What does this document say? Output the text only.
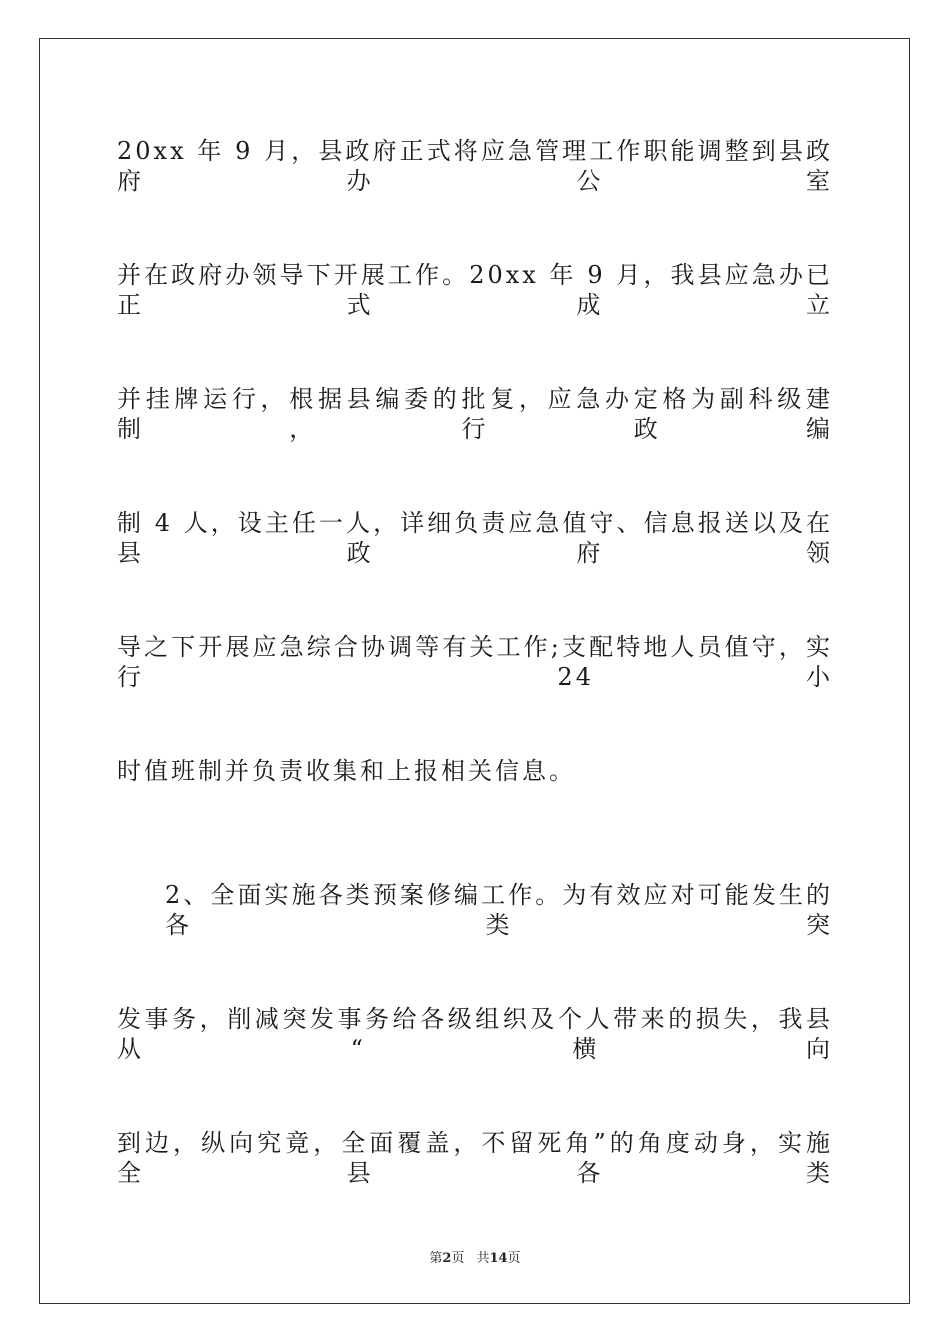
20xx 年 9 月，县政府正式将应急管理工作职能调整到县政府办公室
并在政府办领导下开展工作。20xx 年 9 月，我县应急办已正式成立
并挂牌运行，根据县编委的批复，应急办定格为副科级建制，行政编
制 4 人，设主任一人，详细负责应急值守、信息报送以及在县政府领
导之下开展应急综合协调等有关工作;支配特地人员值守，实行 24 小
时值班制并负责收集和上报相关信息。
2、全面实施各类预案修编工作。为有效应对可能发生的各类突
发事务，削减突发事务给各级组织及个人带来的损失，我县从“横向
到边，纵向究竟，全面覆盖，不留死角”的角度动身，实施全县各类
第2页 共14页
